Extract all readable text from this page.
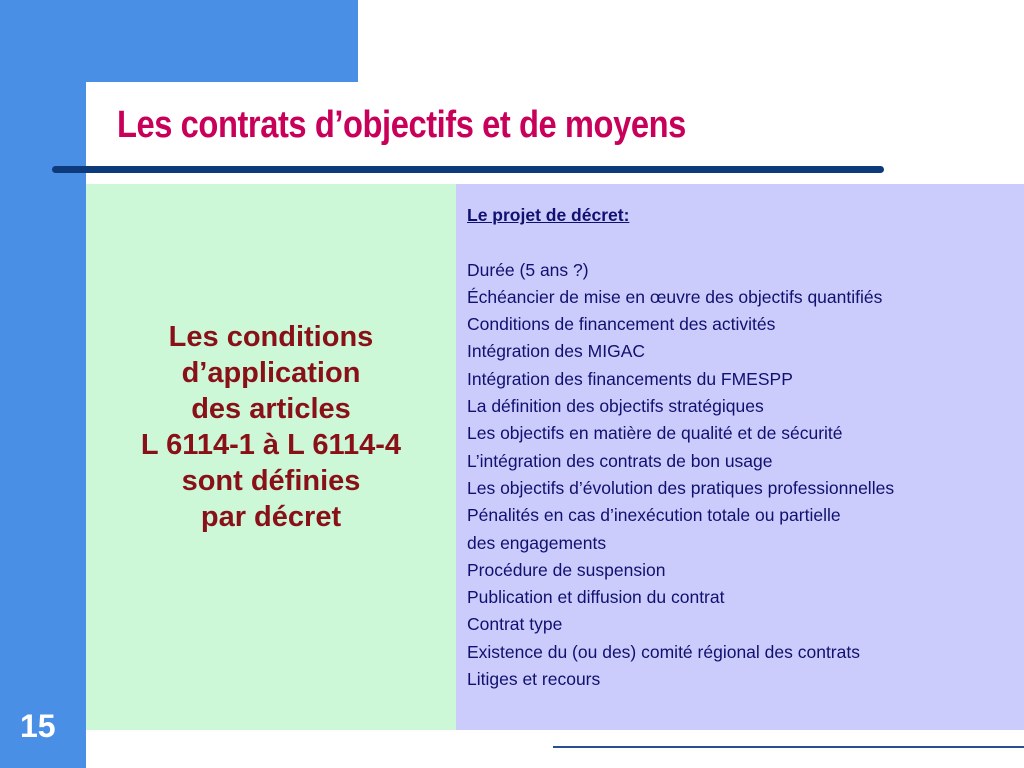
Les contrats d’objectifs et de moyens
Les conditions
d’application
des articles
L 6114-1 à L 6114-4
sont définies
par décret
Le projet de décret:
Durée (5 ans ?)
Échéancier de mise en œuvre des objectifs quantifiés
Conditions de financement des activités
Intégration des MIGAC
Intégration des financements du FMESPP
La définition des objectifs stratégiques
Les objectifs en matière de qualité et de sécurité
L’intégration des contrats de bon usage
Les objectifs d’évolution des pratiques professionnelles
Pénalités en cas d’inexécution totale ou partielle
des engagements
Procédure de suspension
Publication et diffusion du contrat
Contrat type
Existence du (ou des) comité régional des contrats
Litiges et recours
15
